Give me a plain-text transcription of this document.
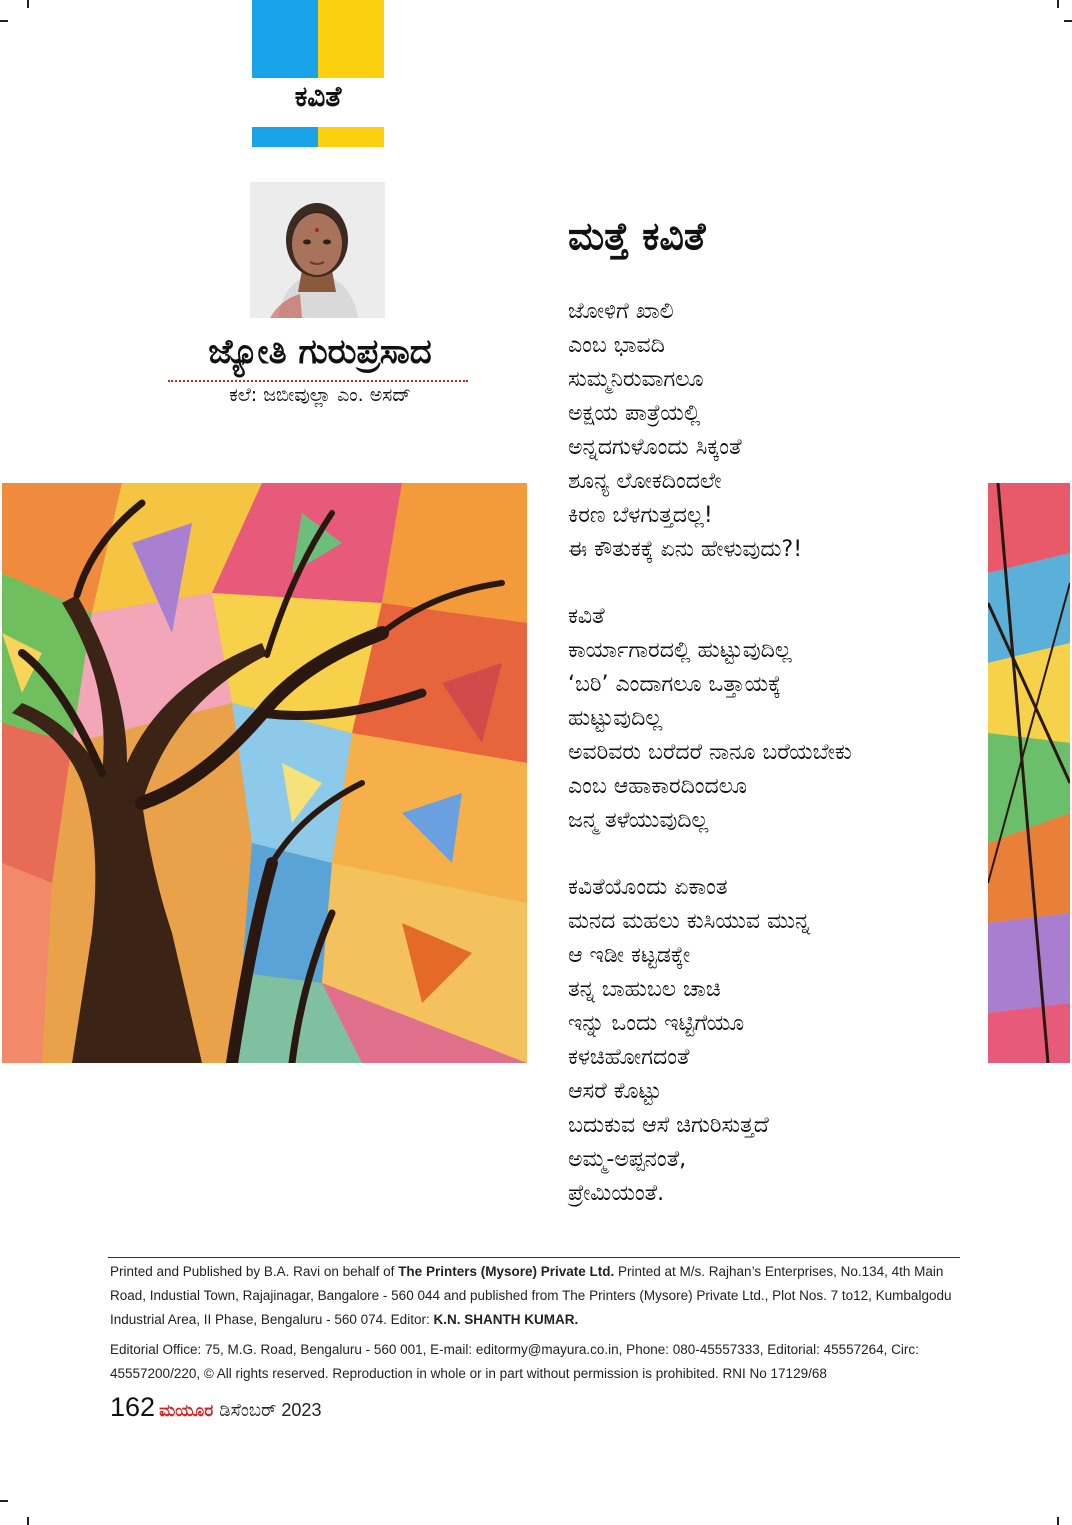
ಕವಿತೆ
ಜ್ಯೋತಿ ಗುರುಪ್ರಸಾದ
ಕಲೆ: ಜಬೀವುಲ್ಲಾ ಎಂ. ಅಸದ್
ಮತ್ತೆ ಕವಿತೆ
ಜೋಳಿಗೆ ಖಾಲಿ
ಎಂಬ ಭಾವದಿ
ಸುಮ್ಮನಿರುವಾಗಲೂ
ಅಕ್ಷಯ ಪಾತ್ರೆಯಲ್ಲಿ
ಅನ್ನದಗುಳೊಂದು ಸಿಕ್ಕಂತೆ
ಶೂನ್ಯ ಲೋಕದಿಂದಲೇ
ಕಿರಣ ಬೆಳಗುತ್ತದಲ್ಲ!
ಈ ಕೌತುಕಕ್ಕೆ ಏನು ಹೇಳುವುದು?!
ಕವಿತೆ
ಕಾರ್ಯಾಗಾರದಲ್ಲಿ ಹುಟ್ಟುವುದಿಲ್ಲ
‘ಬರಿ’ ಎಂದಾಗಲೂ ಒತ್ತಾಯಕ್ಕೆ
ಹುಟ್ಟುವುದಿಲ್ಲ
ಅವರಿವರು ಬರೆದರೆ ನಾನೂ ಬರೆಯಬೇಕು
ಎಂಬ ಆಹಾಕಾರದಿಂದಲೂ
ಜನ್ಮ ತಳೆಯುವುದಿಲ್ಲ
ಕವಿತೆಯೊಂದು ಏಕಾಂತ
ಮನದ ಮಹಲು ಕುಸಿಯುವ ಮುನ್ನ
ಆ ಇಡೀ ಕಟ್ಟಡಕ್ಕೇ
ತನ್ನ ಬಾಹುಬಲ ಚಾಚಿ
ಇನ್ನು ಒಂದು ಇಟ್ಟಿಗೆಯೂ
ಕಳಚಿಹೋಗದಂತೆ
ಆಸರೆ ಕೊಟ್ಟು
ಬದುಕುವ ಆಸೆ ಚಿಗುರಿಸುತ್ತದೆ
ಅಮ್ಮ-ಅಪ್ಪನಂತೆ,
ಪ್ರೇಮಿಯಂತೆ.

Printed and Published by B.A. Ravi on behalf of The Printers (Mysore) Private Ltd. Printed at M/s. Rajhan’s Enterprises, No.134, 4th Main Road, Industial Town, Rajajinagar, Bangalore - 560 044 and published from The Printers (Mysore) Private Ltd., Plot Nos. 7 to12, Kumbalgodu Industrial Area, II Phase, Bengaluru - 560 074. Editor: K.N. SHANTH KUMAR.

Editorial Office: 75, M.G. Road, Bengaluru - 560 001, E-mail: editormy@mayura.co.in, Phone: 080-45557333, Editorial: 45557264, Circ: 45557200/220, © All rights reserved. Reproduction in whole or in part without permission is prohibited. RNI No 17129/68

162 ಮಯೂರ ಡಿಸೆಂಬರ್ 2023
